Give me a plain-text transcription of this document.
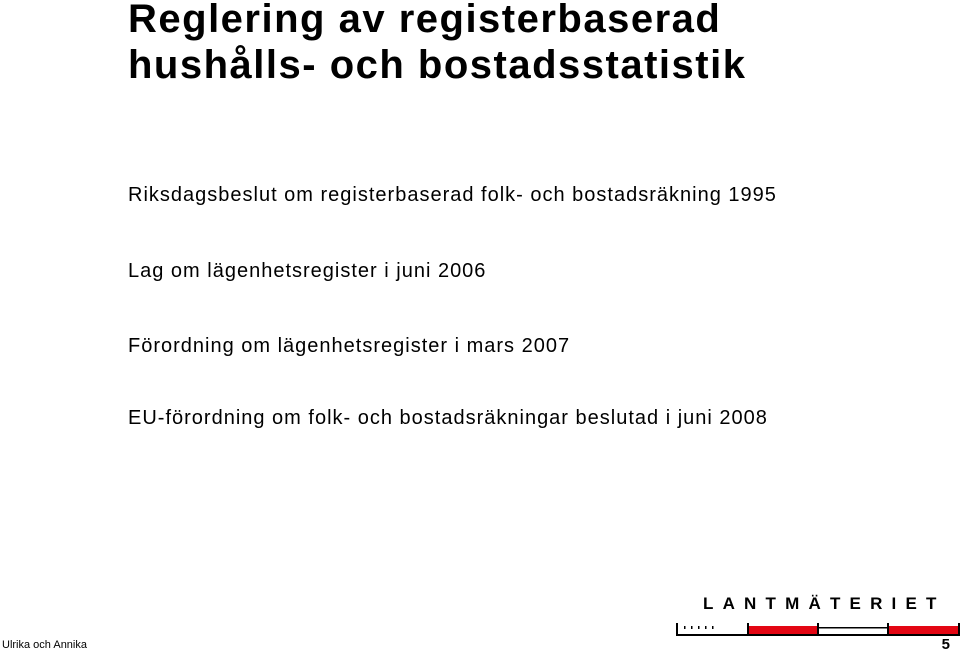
Reglering av registerbaserad
hushålls- och bostadsstatistik

Riksdagsbeslut om registerbaserad folk- och bostadsräkning 1995

Lag om lägenhetsregister i juni 2006

Förordning om lägenhetsregister i mars 2007

EU-förordning om folk- och bostadsräkningar beslutad i juni 2008

LANTMÄTERIET
Ulrika och Annika	5
